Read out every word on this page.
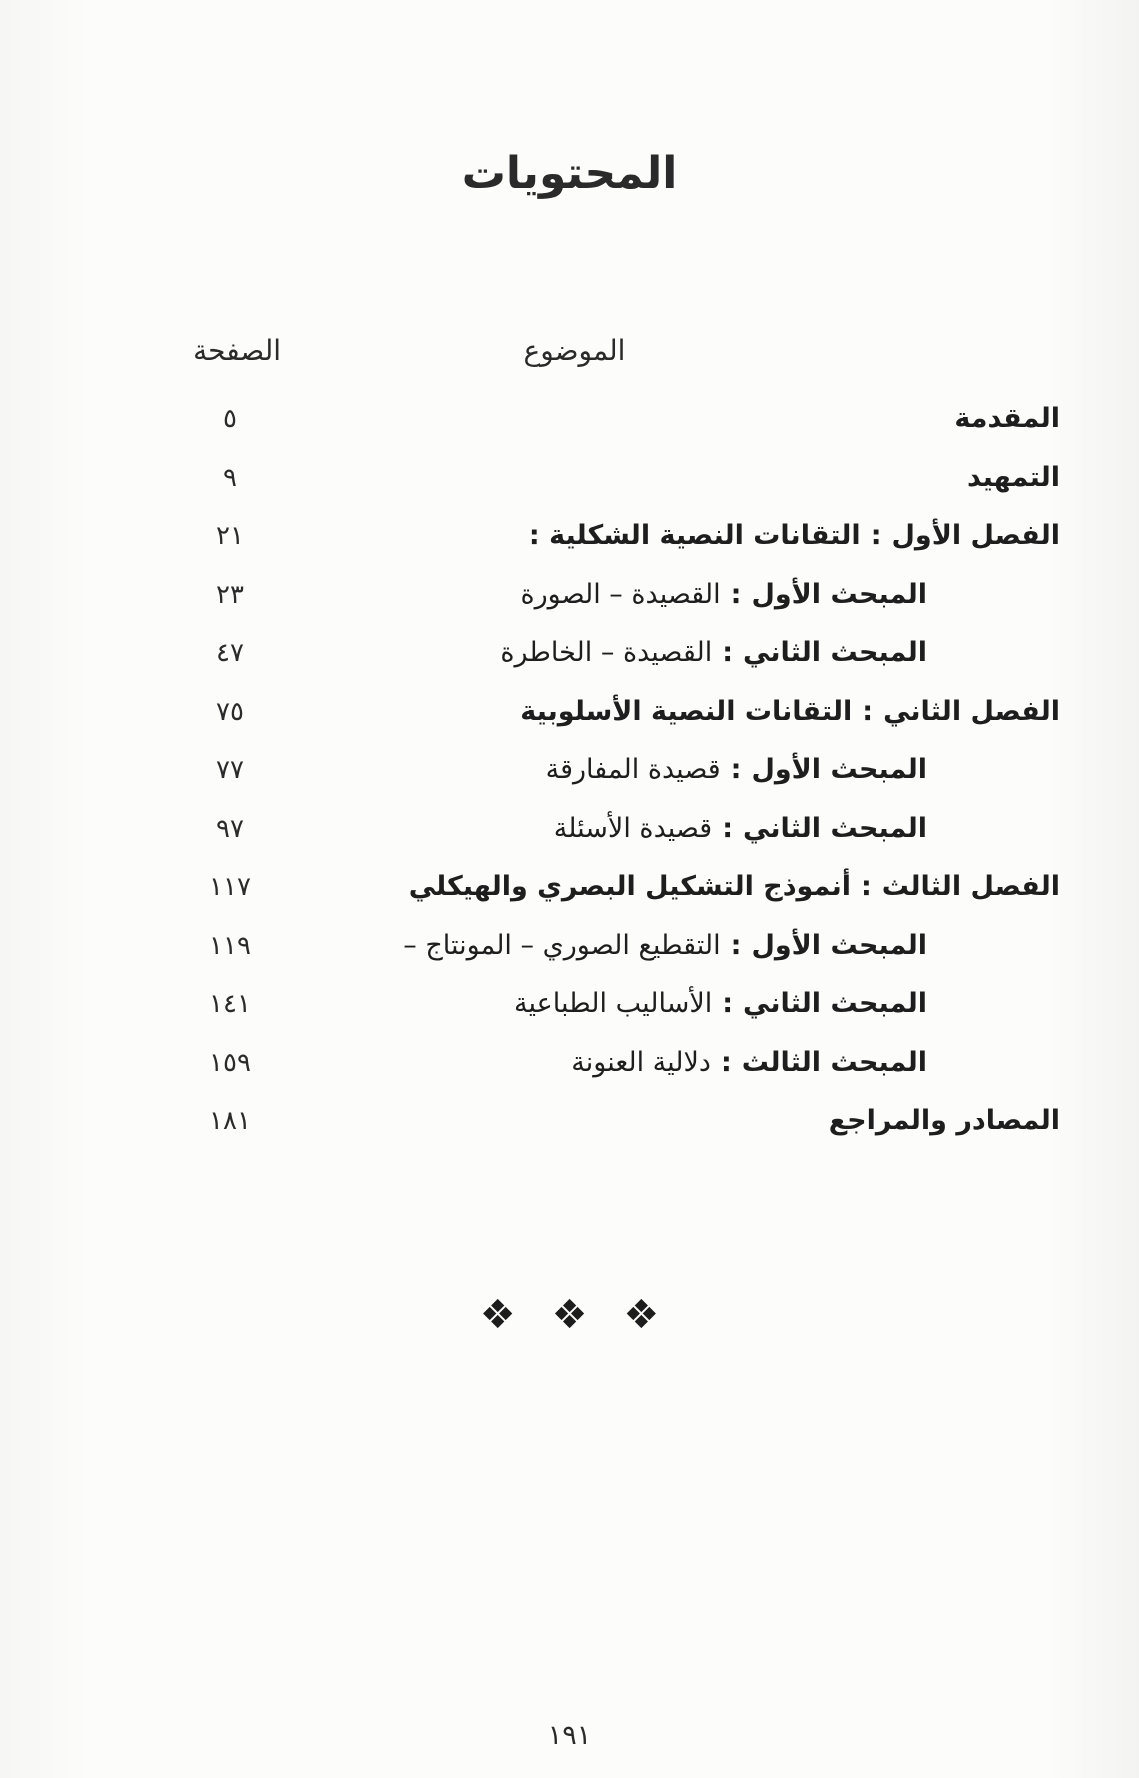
المحتويات
الموضوع
الصفحة
المقدمة
٥
التمهيد
٩
الفصل الأول:التقانات النصية الشكلية :
٢١
المبحث الأول:القصيدة – الصورة
٢٣
المبحث الثاني:القصيدة – الخاطرة
٤٧
الفصل الثاني:التقانات النصية الأسلوبية
٧٥
المبحث الأول:قصيدة المفارقة
٧٧
المبحث الثاني:قصيدة الأسئلة
٩٧
الفصل الثالث:أنموذج التشكيل البصري والهيكلي
١١٧
المبحث الأول:التقطيع الصوري – المونتاج –
١١٩
المبحث الثاني:الأساليب الطباعية
١٤١
المبحث الثالث:دلالية العنونة
١٥٩
المصادر والمراجع
١٨١
❖❖❖
١٩١
